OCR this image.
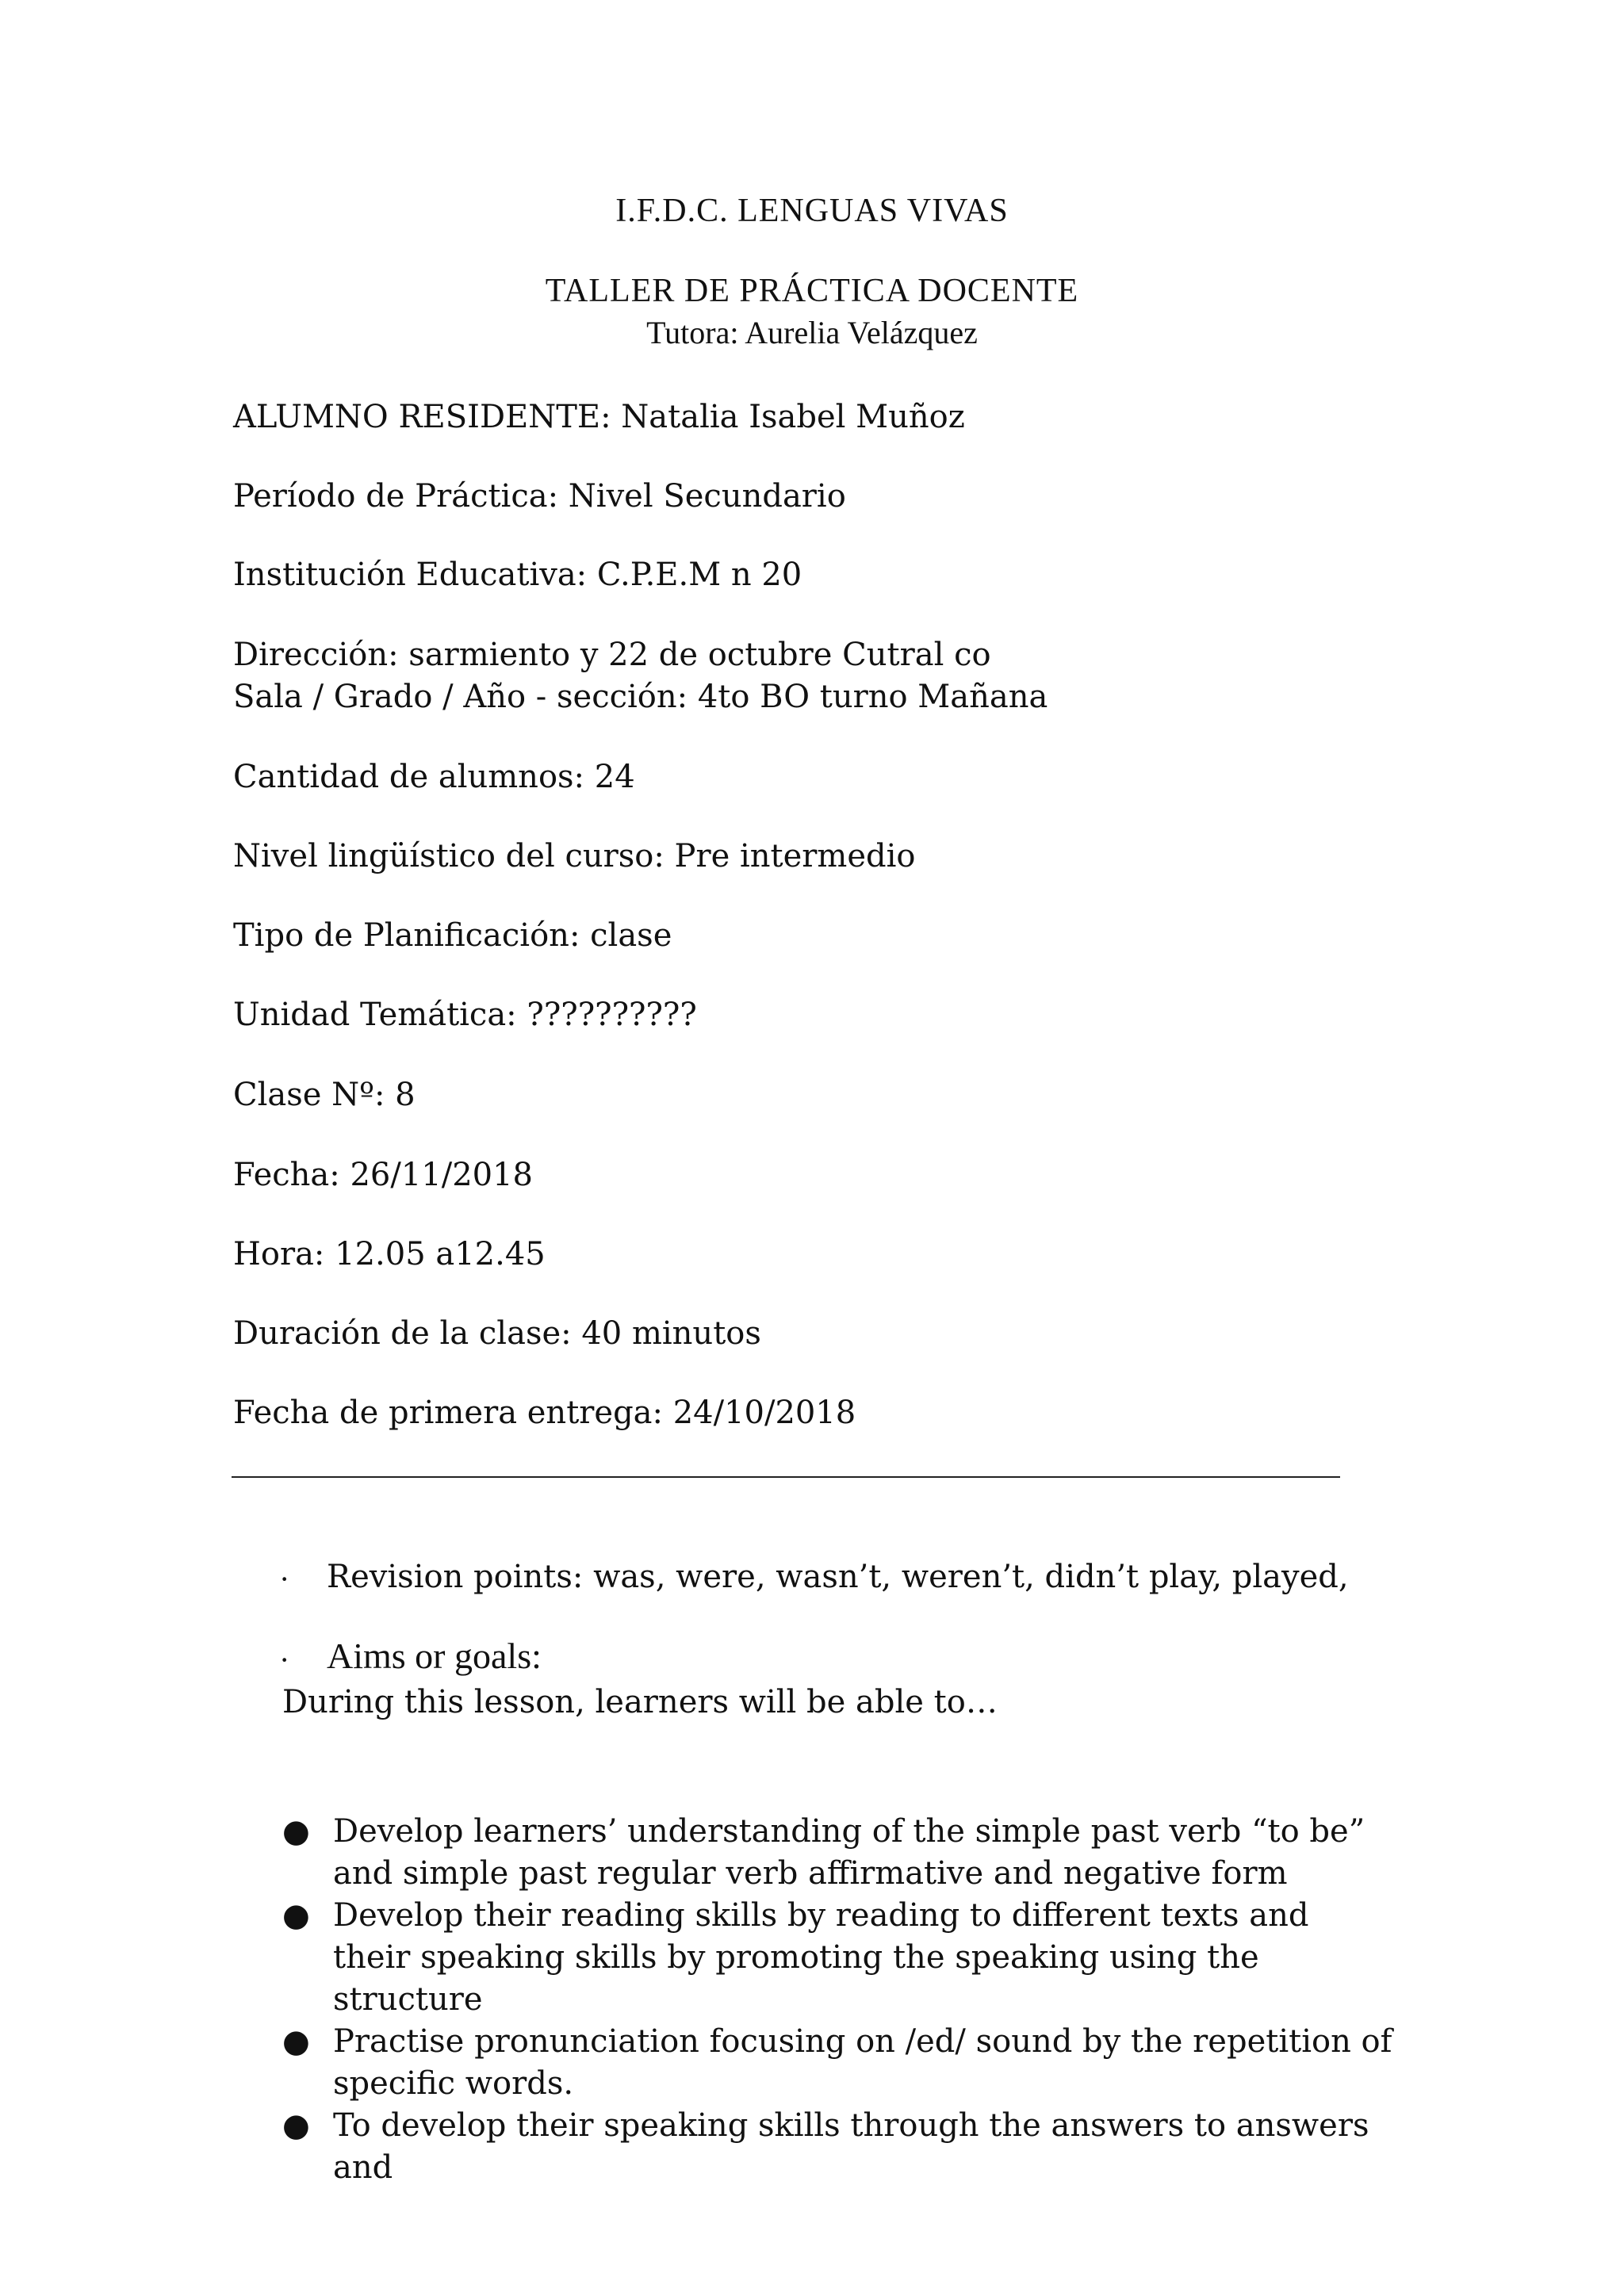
I.F.D.C. LENGUAS VIVAS
TALLER DE PRÁCTICA DOCENTE
Tutora: Aurelia Velázquez
ALUMNO RESIDENTE: Natalia Isabel Muñoz
Período de Práctica: Nivel Secundario
Institución Educativa: C.P.E.M n 20
Dirección: sarmiento y 22 de octubre Cutral co
Sala / Grado / Año - sección: 4to BO turno Mañana
Cantidad de alumnos: 24
Nivel lingüístico del curso: Pre intermedio
Tipo de Planificación: clase
Unidad Temática: ??????????
Clase Nº: 8
Fecha: 26/11/2018
Hora: 12.05 a12.45
Duración de la clase: 40 minutos
Fecha de primera entrega: 24/10/2018
· Revision points: was, were, wasn’t, weren’t, didn’t play, played,
· Aims or goals:
During this lesson, learners will be able to…
● Develop learners’ understanding of the simple past verb “to be” and simple past regular verb affirmative and negative form
● Develop their reading skills by reading to different texts and their speaking skills by promoting the speaking using the structure
● Practise pronunciation focusing on /ed/ sound by the repetition of specific words.
● To develop their speaking skills through the answers to answers and
